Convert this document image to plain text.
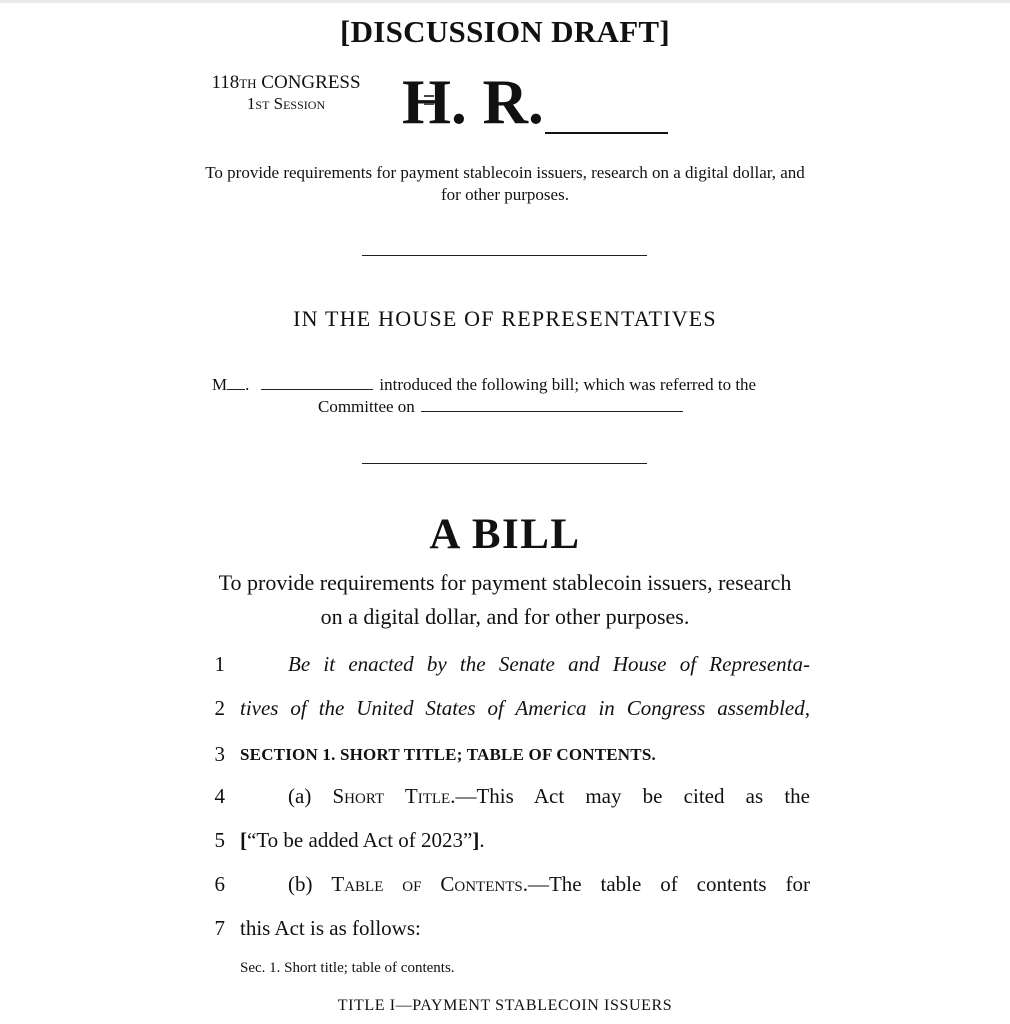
[DISCUSSION DRAFT]
118th CONGRESS
1st Session	H. R.
To provide requirements for payment stablecoin issuers, research on a digital dollar, and for other purposes.
IN THE HOUSE OF REPRESENTATIVES
M .	introduced the following bill; which was referred to the
Committee on
A BILL
To provide requirements for payment stablecoin issuers, research on a digital dollar, and for other purposes.
1	Be it enacted by the Senate and House of Representa-
2 tives of the United States of America in Congress assembled,
3 SECTION 1. SHORT TITLE; TABLE OF CONTENTS.
4	(a) Short Title.—This Act may be cited as the
5 [“To be added Act of 2023”].
6	(b) Table of Contents.—The table of contents for
7 this Act is as follows:
Sec. 1. Short title; table of contents.
TITLE I—PAYMENT STABLECOIN ISSUERS
